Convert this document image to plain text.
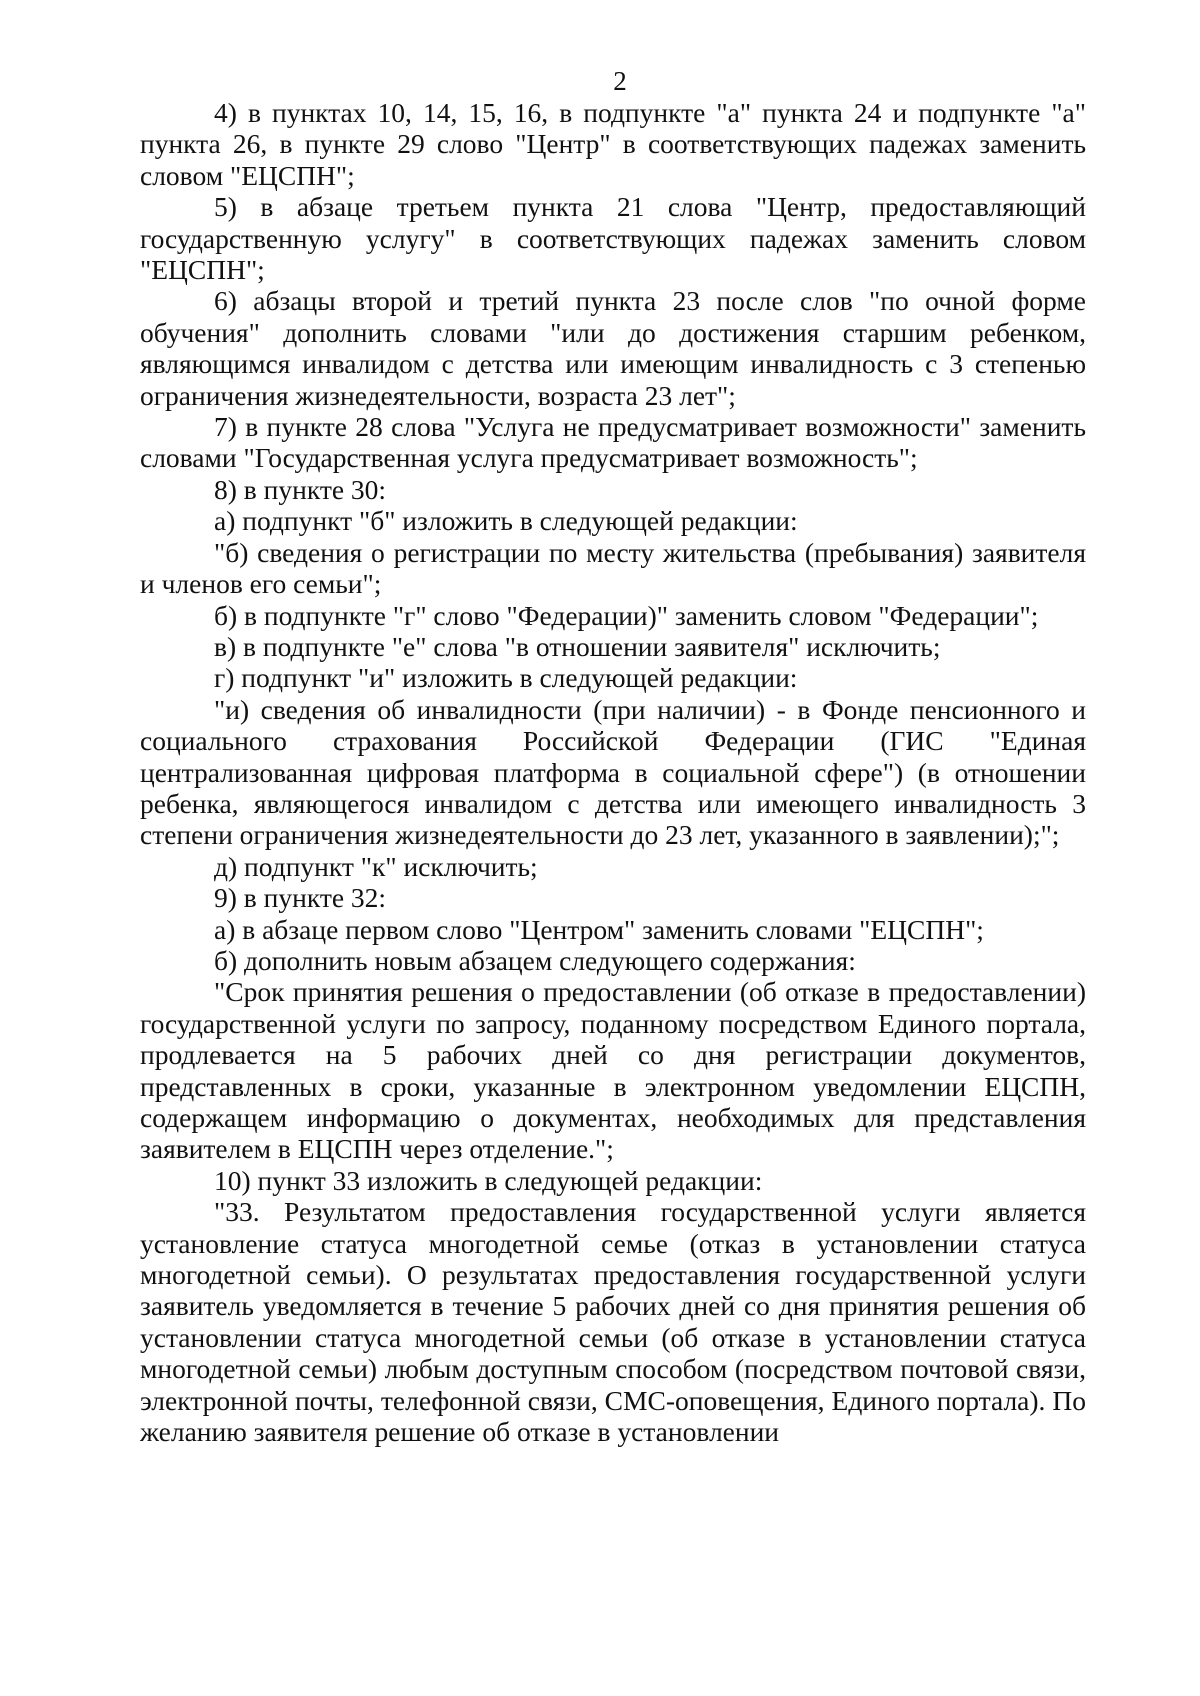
2

4) в пунктах 10, 14, 15, 16, в подпункте "а" пункта 24 и подпункте "а" пункта 26, в пункте 29 слово "Центр" в соответствующих падежах заменить словом "ЕЦСПН";

5) в абзаце третьем пункта 21 слова "Центр, предоставляющий государственную услугу" в соответствующих падежах заменить словом "ЕЦСПН";

6) абзацы второй и третий пункта 23 после слов "по очной форме обучения" дополнить словами "или до достижения старшим ребенком, являющимся инвалидом с детства или имеющим инвалидность с 3 степенью ограничения жизнедеятельности, возраста 23 лет";

7) в пункте 28 слова "Услуга не предусматривает возможности" заменить словами "Государственная услуга предусматривает возможность";

8) в пункте 30:

а) подпункт "б" изложить в следующей редакции:

"б) сведения о регистрации по месту жительства (пребывания) заявителя и членов его семьи";

б) в подпункте "г" слово "Федерации)" заменить словом "Федерации";

в) в подпункте "е" слова "в отношении заявителя" исключить;

г) подпункт "и" изложить в следующей редакции:

"и) сведения об инвалидности (при наличии) - в Фонде пенсионного и социального страхования Российской Федерации (ГИС "Единая централизованная цифровая платформа в социальной сфере") (в отношении ребенка, являющегося инвалидом с детства или имеющего инвалидность 3 степени ограничения жизнедеятельности до 23 лет, указанного в заявлении);";

д) подпункт "к" исключить;

9) в пункте 32:

а) в абзаце первом слово "Центром" заменить словами "ЕЦСПН";

б) дополнить новым абзацем следующего содержания:

"Срок принятия решения о предоставлении (об отказе в предоставлении) государственной услуги по запросу, поданному посредством Единого портала, продлевается на 5 рабочих дней со дня регистрации документов, представленных в сроки, указанные в электронном уведомлении ЕЦСПН, содержащем информацию о документах, необходимых для представления заявителем в ЕЦСПН через отделение.";

10) пункт 33 изложить в следующей редакции:

"33. Результатом предоставления государственной услуги является установление статуса многодетной семье (отказ в установлении статуса многодетной семьи). О результатах предоставления государственной услуги заявитель уведомляется в течение 5 рабочих дней со дня принятия решения об установлении статуса многодетной семьи (об отказе в установлении статуса многодетной семьи) любым доступным способом (посредством почтовой связи, электронной почты, телефонной связи, СМС-оповещения, Единого портала). По желанию заявителя решение об отказе в установлении
